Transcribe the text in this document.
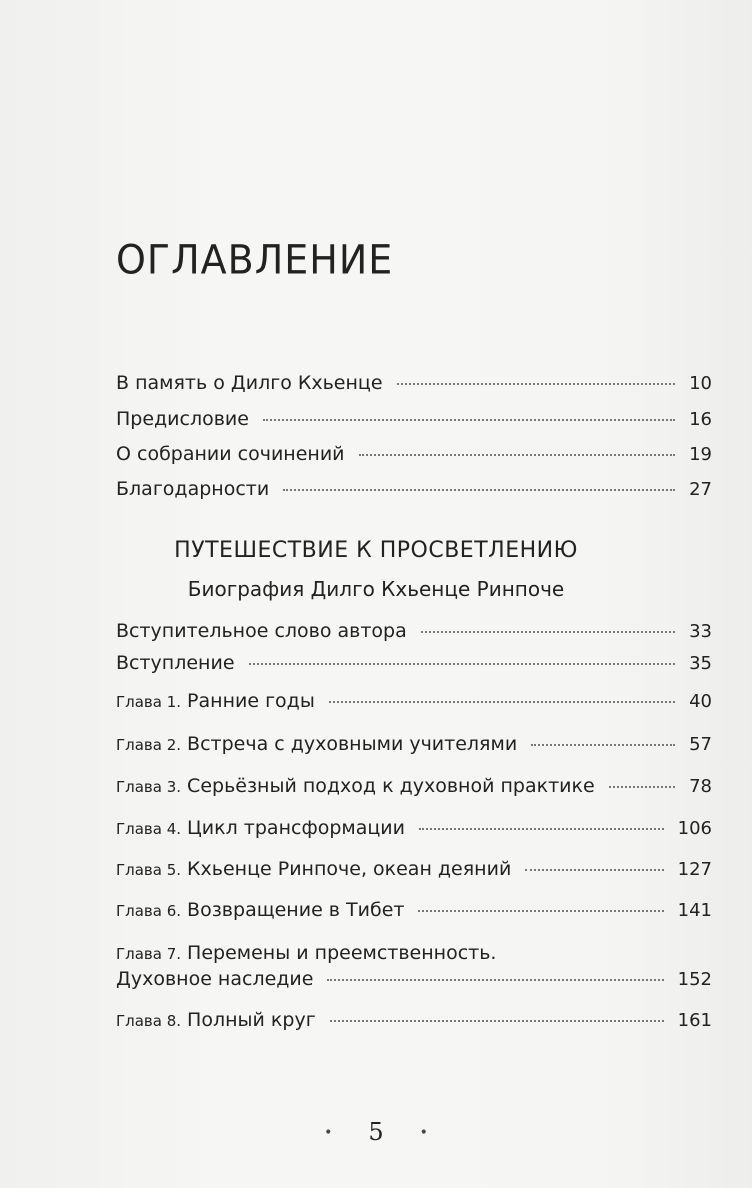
ОГЛАВЛЕНИЕ
В память о Дилго Кхьенце	10
Предисловие	16
О собрании сочинений	19
Благодарности	27
ПУТЕШЕСТВИЕ К ПРОСВЕТЛЕНИЮ
Биография Дилго Кхьенце Ринпоче
Вступительное слово автора	33
Вступление	35
Глава 1. Ранние годы	40
Глава 2. Встреча с духовными учителями	57
Глава 3. Серьёзный подход к духовной практике	78
Глава 4. Цикл трансформации	106
Глава 5. Кхьенце Ринпоче, океан деяний	127
Глава 6. Возвращение в Тибет	141
Глава 7. Перемены и преемственность.
Духовное наследие	152
Глава 8. Полный круг	161
• 5	•
